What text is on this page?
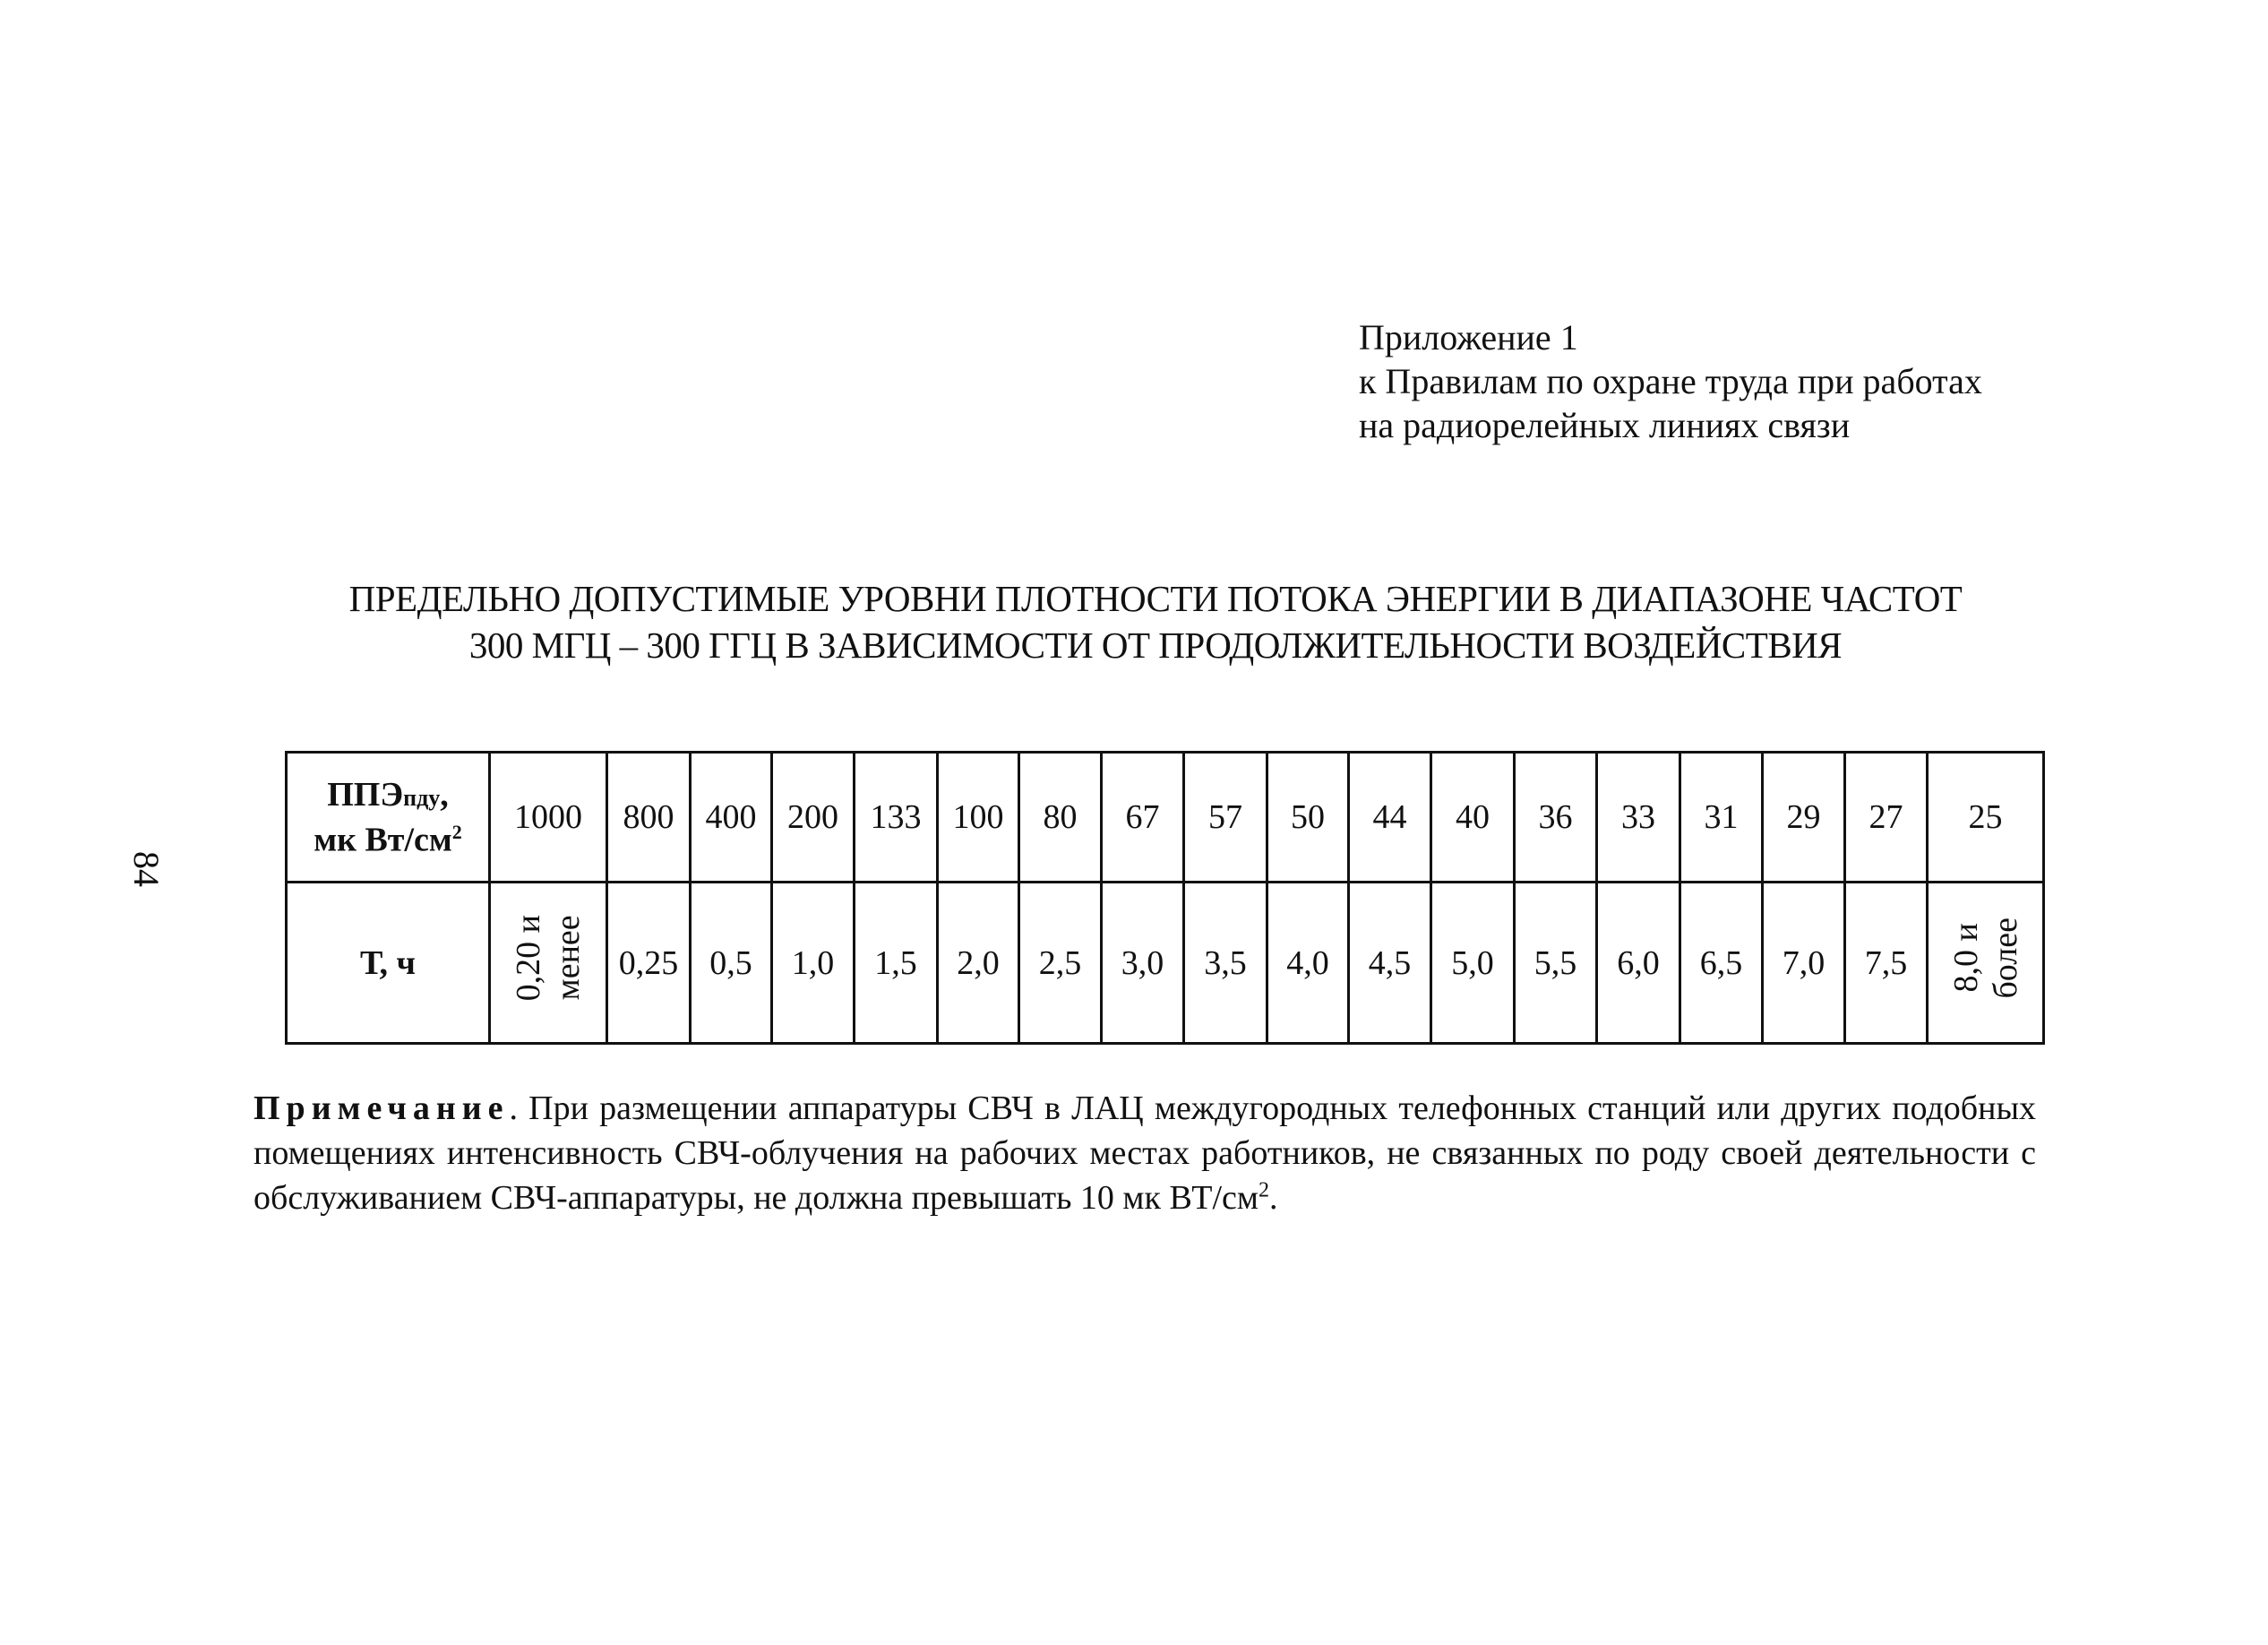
84
Приложение 1
к Правилам по охране труда при работах
на радиорелейных линиях связи
ПРЕДЕЛЬНО ДОПУСТИМЫЕ УРОВНИ ПЛОТНОСТИ ПОТОКА ЭНЕРГИИ В ДИАПАЗОНЕ ЧАСТОТ
300 МГЦ – 300 ГГЦ В ЗАВИСИМОСТИ ОТ ПРОДОЛЖИТЕЛЬНОСТИ ВОЗДЕЙСТВИЯ
ППЭпду,
мк $Вт/см^2$	1000	800	400	200	133	100	80	67	57	50	44	40	36	33	31	29	27	25
Т, ч	0,20 и
менее	0,25	0,5	1,0	1,5	2,0	2,5	3,0	3,5	4,0	4,5	5,0	5,5	6,0	6,5	7,0	7,5	8,0 и
более
Примечание. При размещении аппаратуры СВЧ в ЛАЦ междугородных телефонных станций или других подобных помещениях интенсивность СВЧ-облучения на рабочих местах работников, не связанных по роду своей деятельности с обслуживанием СВЧ-аппаратуры, не должна превышать 10 мк $ВТ/см^2$.
